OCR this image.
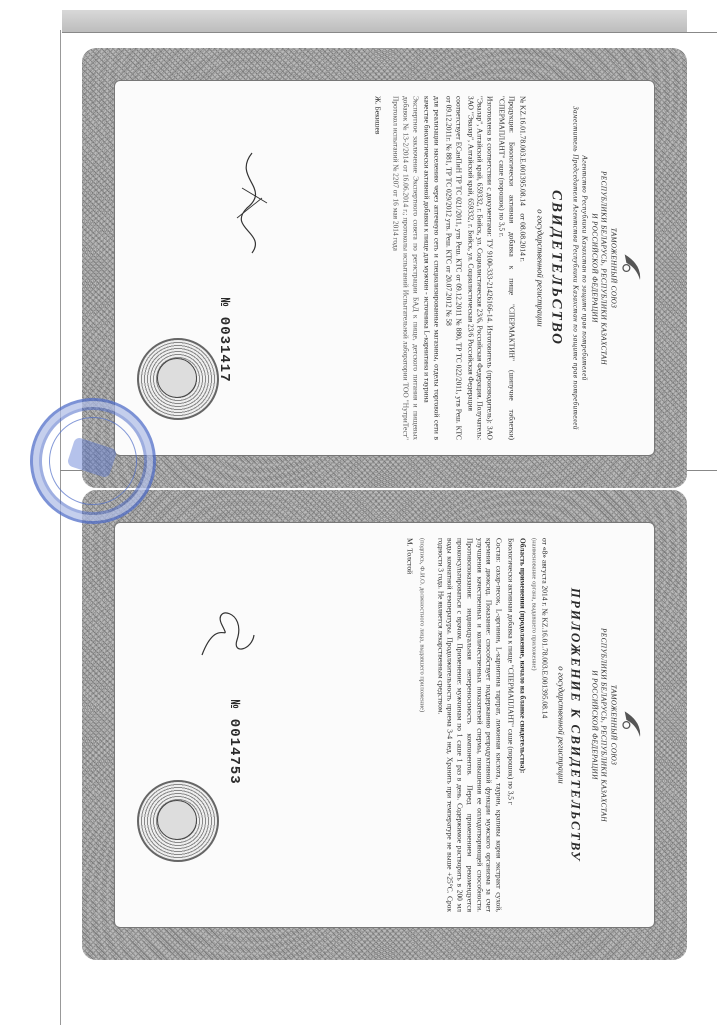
ТАМОЖЕННЫЙ СОЮЗ
РЕСПУБЛИКИ БЕЛАРУСЬ, РЕСПУБЛИКИ КАЗАХСТАН
И РОССИЙСКОЙ ФЕДЕРАЦИИ
Агентство Республики Казахстан по защите прав потребителей
Заместитель Председателя Агентства Республики Казахстан по защите прав потребителей
СВИДЕТЕЛЬСТВО
о государственной регистрации
№ KZ.16.01.78.003.E.001395.08.14    от 08.08.2014 г.
Продукция: Биологически активная добавка к пище "СПЕРМАКТИН" (шипучие таблетки) "СПЕРМАПЛАНТ" саше (порошок) по 3,5 г.
Изготовлена в соответствии с документами: ТУ 9100-333-21426166-14. Изготовитель (производитель): ЗАО "Эвалар", Алтайский край, 659332, г. Бийск, ул. Социалистическая 23/6, Российская Федерация. Получатель: ЗАО "Эвалар", Алтайский край, 659332, г. Бийск, ул. Социалистическая 23/6 Российская Федерация
соответствует ЕСанПиН ТР ТС 021/2011, утв Реш. КТС от 09.12.2011 № 880, ТР ТС 022/2011, утв Реш. КТС от 09.12.2011г. № 881, ТР ТС 029/2012 утв. Реш. КТС от 20.07.2012 № 58
для реализации населению через аптечную сеть и специализированные магазины, отделы торговой сети в качестве биологически активной добавки к пище для мужчин - источника L-карнитина и таурина
Экспертное заключение Экспертного совета по регистрации БАД к пище, детского питания и пищевых добавок № 13-2/2014 от 16.06.2014 г.; протоколы испытаний Испытательной лаборатории ТОО "НутриТест" Протокол испытаний № 2207 от 16 мая 2014 года
Ж. Бекишев
№ 0031417
ТАМОЖЕННЫЙ СОЮЗ
РЕСПУБЛИКИ БЕЛАРУСЬ, РЕСПУБЛИКИ КАЗАХСТАН
И РОССИЙСКОЙ ФЕДЕРАЦИИ
ПРИЛОЖЕНИЕ К СВИДЕТЕЛЬСТВУ
о государственной регистрации
от «8» августа 2014 г. № KZ.16.01.78.003.E.001395.08.14
(наименование органа, выдавшего приложение)
Область применения (продолжение, начало на бланке свидетельства):
Биологически активная добавка к пище "СПЕРМАПЛАНТ" саше (порошок) по 3,5 г
Состав: сахар-песок, L-аргинин, L-карнитина тартрат, лимонная кислота, таурин, крапивы корня экстракт сухой, кремния диоксид. Показание: способствует поддержанию репродуктивной функции мужского организма за счет улучшения качественных и количественных показателей спермы, повышения ее оплодотворяющей способности. Противопоказания: индивидуальная непереносимость компонентов. Перед применением рекомендуется проконсультироваться с врачом. Применение: мужчинам по 1 саше 1 раз в день. Содержимое растворить в 200 мл воды комнатной температуры. Продолжительность приема 3-4 нед. Хранить при температуре не выше +25°С. Срок годности 3 года. Не является лекарственным средством.
(подпись, Ф.И.О. должностного лица, выдавшего приложение)
М. Толстой
№ 0014753
